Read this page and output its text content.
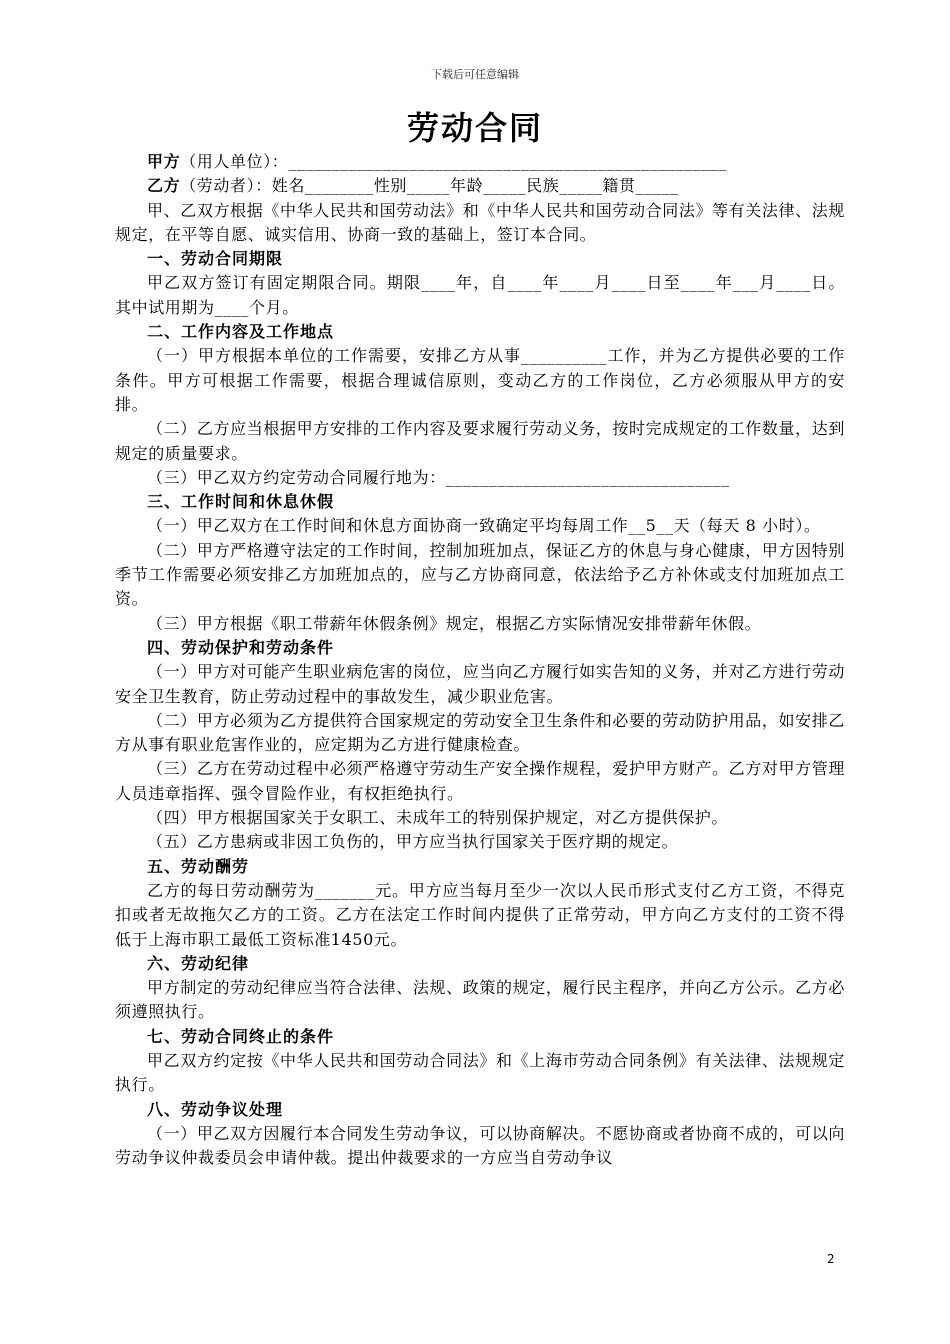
下载后可任意编辑
劳动合同

甲方（用人单位）：___________________________________________________

乙方（劳动者）：姓名________性别_____年龄_____民族_____籍贯_____

甲、乙双方根据《中华人民共和国劳动法》和《中华人民共和国劳动合同法》等有关法律、法规规定，在平等自愿、诚实信用、协商一致的基础上，签订本合同。

一、劳动合同期限

甲乙双方签订有固定期限合同。期限____年，自____年____月____日至____年___月____日。 其中试用期为____个月。

二、工作内容及工作地点

（一）甲方根据本单位的工作需要，安排乙方从事__________工作，并为乙方提供必要的工作条件。甲方可根据工作需要，根据合理诚信原则，变动乙方的工作岗位，乙方必须服从甲方的安排。

（二）乙方应当根据甲方安排的工作内容及要求履行劳动义务，按时完成规定的工作数量，达到规定的质量要求。

（三）甲乙双方约定劳动合同履行地为：_________________________________

三、工作时间和休息休假

（一）甲乙双方在工作时间和休息方面协商一致确定平均每周工作__5__天（每天 8 小时）。

（二）甲方严格遵守法定的工作时间，控制加班加点，保证乙方的休息与身心健康，甲方因特别季节工作需要必须安排乙方加班加点的，应与乙方协商同意，依法给予乙方补休或支付加班加点工资。

（三）甲方根据《职工带薪年休假条例》规定，根据乙方实际情况安排带薪年休假。

四、劳动保护和劳动条件

（一）甲方对可能产生职业病危害的岗位，应当向乙方履行如实告知的义务，并对乙方进行劳动安全卫生教育，防止劳动过程中的事故发生，减少职业危害。

（二）甲方必须为乙方提供符合国家规定的劳动安全卫生条件和必要的劳动防护用品，如安排乙方从事有职业危害作业的，应定期为乙方进行健康检查。

（三）乙方在劳动过程中必须严格遵守劳动生产安全操作规程，爱护甲方财产。乙方对甲方管理人员违章指挥、强令冒险作业，有权拒绝执行。

（四）甲方根据国家关于女职工、未成年工的特别保护规定，对乙方提供保护。

（五）乙方患病或非因工负伤的，甲方应当执行国家关于医疗期的规定。

五、劳动酬劳

乙方的每日劳动酬劳为_______元。甲方应当每月至少一次以人民币形式支付乙方工资，不得克扣或者无故拖欠乙方的工资。乙方在法定工作时间内提供了正常劳动，甲方向乙方支付的工资不得低于上海市职工最低工资标准1450元。

六、劳动纪律

甲方制定的劳动纪律应当符合法律、法规、政策的规定，履行民主程序，并向乙方公示。乙方必须遵照执行。

七、劳动合同终止的条件

甲乙双方约定按《中华人民共和国劳动合同法》和《上海市劳动合同条例》有关法律、法规规定执行。

八、劳动争议处理

（一）甲乙双方因履行本合同发生劳动争议，可以协商解决。不愿协商或者协商不成的，可以向劳动争议仲裁委员会申请仲裁。提出仲裁要求的一方应当自劳动争议

2
